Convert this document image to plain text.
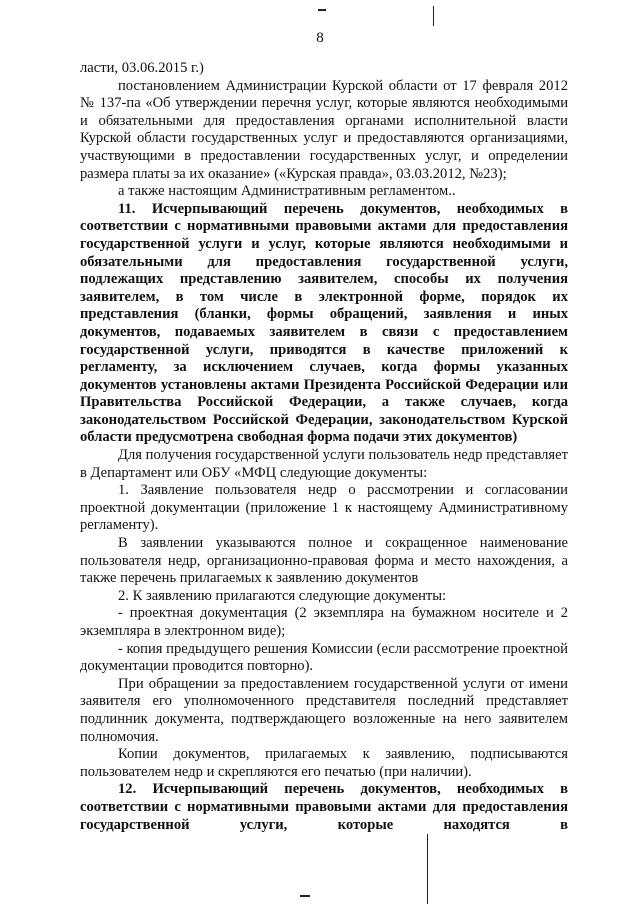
8

ласти, 03.06.2015 г.)

постановлением Администрации Курской области от 17 февраля 2012 № 137-па «Об утверждении перечня услуг, которые являются необходимыми и обязательными для предоставления органами исполнительной власти Курской области государственных услуг и предоставляются организациями, участвующими в предоставлении государственных услуг, и определении размера платы за их оказание» («Курская правда», 03.03.2012, №23);

а также настоящим Административным регламентом..

11. Исчерпывающий перечень документов, необходимых в соответствии с нормативными правовыми актами для предоставления государственной услуги и услуг, которые являются необходимыми и обязательными для предоставления государственной услуги, подлежащих представлению заявителем, способы их получения заявителем, в том числе в электронной форме, порядок их представления (бланки, формы обращений, заявления и иных документов, подаваемых заявителем в связи с предоставлением государственной услуги, приводятся в качестве приложений к регламенту, за исключением случаев, когда формы указанных документов установлены актами Президента Российской Федерации или Правительства Российской Федерации, а также случаев, когда законодательством Российской Федерации, законодательством Курской области предусмотрена свободная форма подачи этих документов)

Для получения государственной услуги пользователь недр представляет в Департамент или ОБУ «МФЦ следующие документы:

1. Заявление пользователя недр о рассмотрении и согласовании проектной документации (приложение 1 к настоящему Административному регламенту).

В заявлении указываются полное и сокращенное наименование пользователя недр, организационно-правовая форма и место нахождения, а также перечень прилагаемых к заявлению документов

2. К заявлению прилагаются следующие документы:

- проектная документация (2 экземпляра на бумажном носителе и 2 экземпляра в электронном виде);

- копия предыдущего решения Комиссии (если рассмотрение проектной документации проводится повторно).

При обращении за предоставлением государственной услуги от имени заявителя его уполномоченного представителя последний представляет подлинник документа, подтверждающего возложенные на него заявителем полномочия.

Копии документов, прилагаемых к заявлению, подписываются пользователем недр и скрепляются его печатью (при наличии).

12. Исчерпывающий перечень документов, необходимых в соответствии с нормативными правовыми актами для предоставления государственной услуги, которые находятся в
